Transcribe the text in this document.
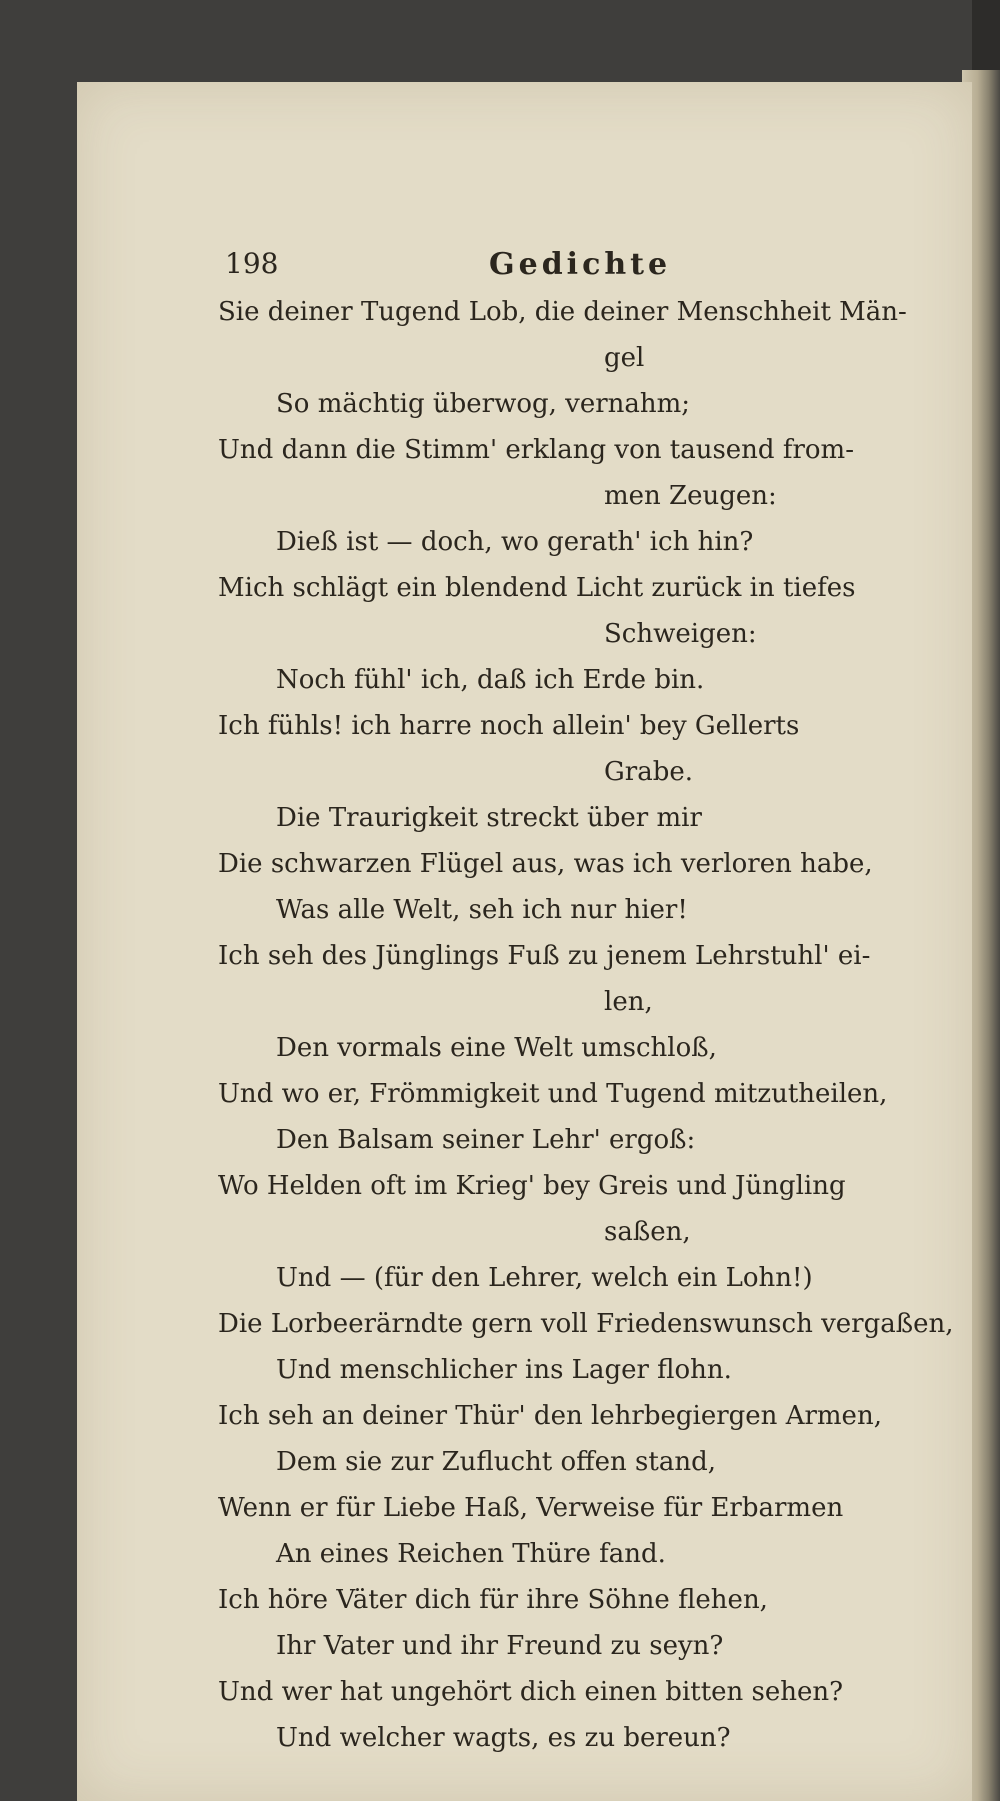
198	Gedichte
Sie deiner Tugend Lob, die deiner Menschheit Män-
gel
So mächtig überwog, vernahm;
Und dann die Stimm' erklang von tausend from-
men Zeugen:
Dieß ist — doch, wo gerath' ich hin?
Mich schlägt ein blendend Licht zurück in tiefes
Schweigen:
Noch fühl' ich, daß ich Erde bin.
Ich fühls! ich harre noch allein' bey Gellerts
Grabe.
Die Traurigkeit streckt über mir
Die schwarzen Flügel aus, was ich verloren habe,
Was alle Welt, seh ich nur hier!
Ich seh des Jünglings Fuß zu jenem Lehrstuhl' ei-
len,
Den vormals eine Welt umschloß,
Und wo er, Frömmigkeit und Tugend mitzutheilen,
Den Balsam seiner Lehr' ergoß:
Wo Helden oft im Krieg' bey Greis und Jüngling
saßen,
Und — (für den Lehrer, welch ein Lohn!)
Die Lorbeerärndte gern voll Friedenswunsch vergaßen,
Und menschlicher ins Lager flohn.
Ich seh an deiner Thür' den lehrbegiergen Armen,
Dem sie zur Zuflucht offen stand,
Wenn er für Liebe Haß, Verweise für Erbarmen
An eines Reichen Thüre fand.
Ich höre Väter dich für ihre Söhne flehen,
Ihr Vater und ihr Freund zu seyn?
Und wer hat ungehört dich einen bitten sehen?
Und welcher wagts, es zu bereun?
